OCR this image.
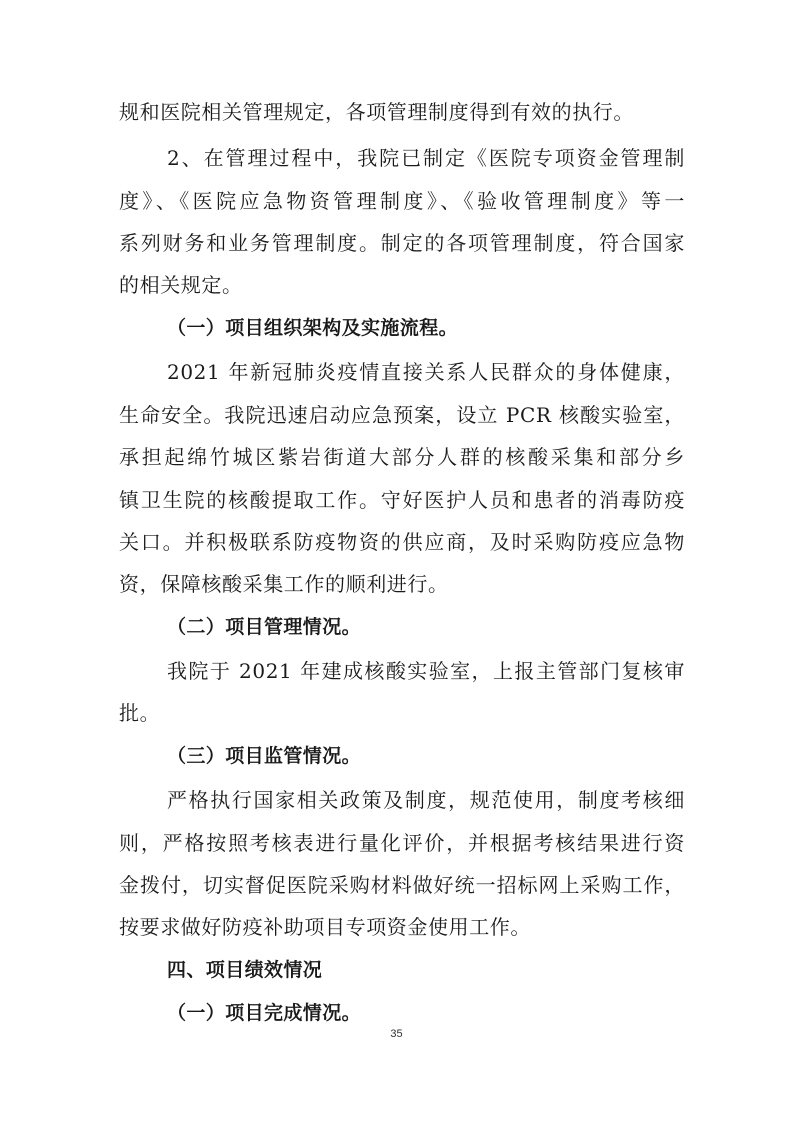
规和医院相关管理规定，各项管理制度得到有效的执行。
2、在管理过程中，我院已制定《医院专项资金管理制
度》、《医院应急物资管理制度》、《验收管理制度》等一
系列财务和业务管理制度。制定的各项管理制度，符合国家
的相关规定。
（一）项目组织架构及实施流程。
2021 年新冠肺炎疫情直接关系人民群众的身体健康，
生命安全。我院迅速启动应急预案，设立 PCR 核酸实验室，
承担起绵竹城区紫岩街道大部分人群的核酸采集和部分乡
镇卫生院的核酸提取工作。守好医护人员和患者的消毒防疫
关口。并积极联系防疫物资的供应商，及时采购防疫应急物
资，保障核酸采集工作的顺利进行。
（二）项目管理情况。
我院于 2021 年建成核酸实验室，上报主管部门复核审
批。
（三）项目监管情况。
严格执行国家相关政策及制度，规范使用，制度考核细
则，严格按照考核表进行量化评价，并根据考核结果进行资
金拨付，切实督促医院采购材料做好统一招标网上采购工作，
按要求做好防疫补助项目专项资金使用工作。
四、项目绩效情况
（一）项目完成情况。
35
